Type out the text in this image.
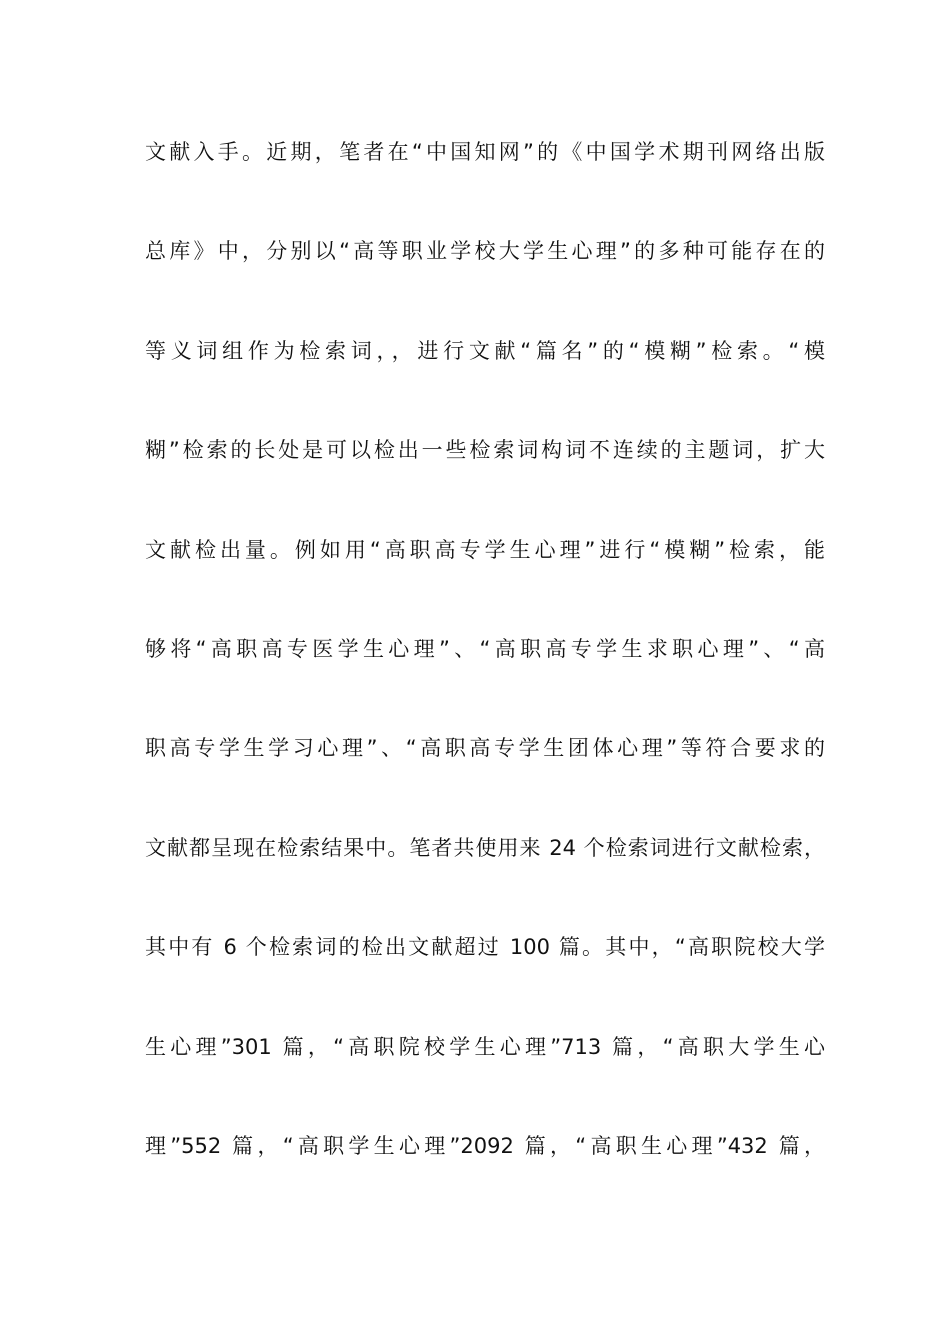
文献入手。近期，笔者在“中国知网”的《中国学术期刊网络出版
总库》中，分别以“高等职业学校大学生心理”的多种可能存在的
等义词组作为检索词，，进行文献“篇名”的“模糊”检索。“模
糊”检索的长处是可以检出一些检索词构词不连续的主题词，扩大
文献检出量。例如用“高职高专学生心理”进行“模糊”检索，能
够将“高职高专医学生心理”、“高职高专学生求职心理”、“高
职高专学生学习心理”、“高职高专学生团体心理”等符合要求的
文献都呈现在检索结果中。笔者共使用来 24 个检索词进行文献检索，
其中有 6 个检索词的检出文献超过 100 篇。其中，“高职院校大学
生心理”301 篇，“高职院校学生心理”713 篇，“高职大学生心
理”552 篇，“高职学生心理”2092 篇，“高职生心理”432 篇，
